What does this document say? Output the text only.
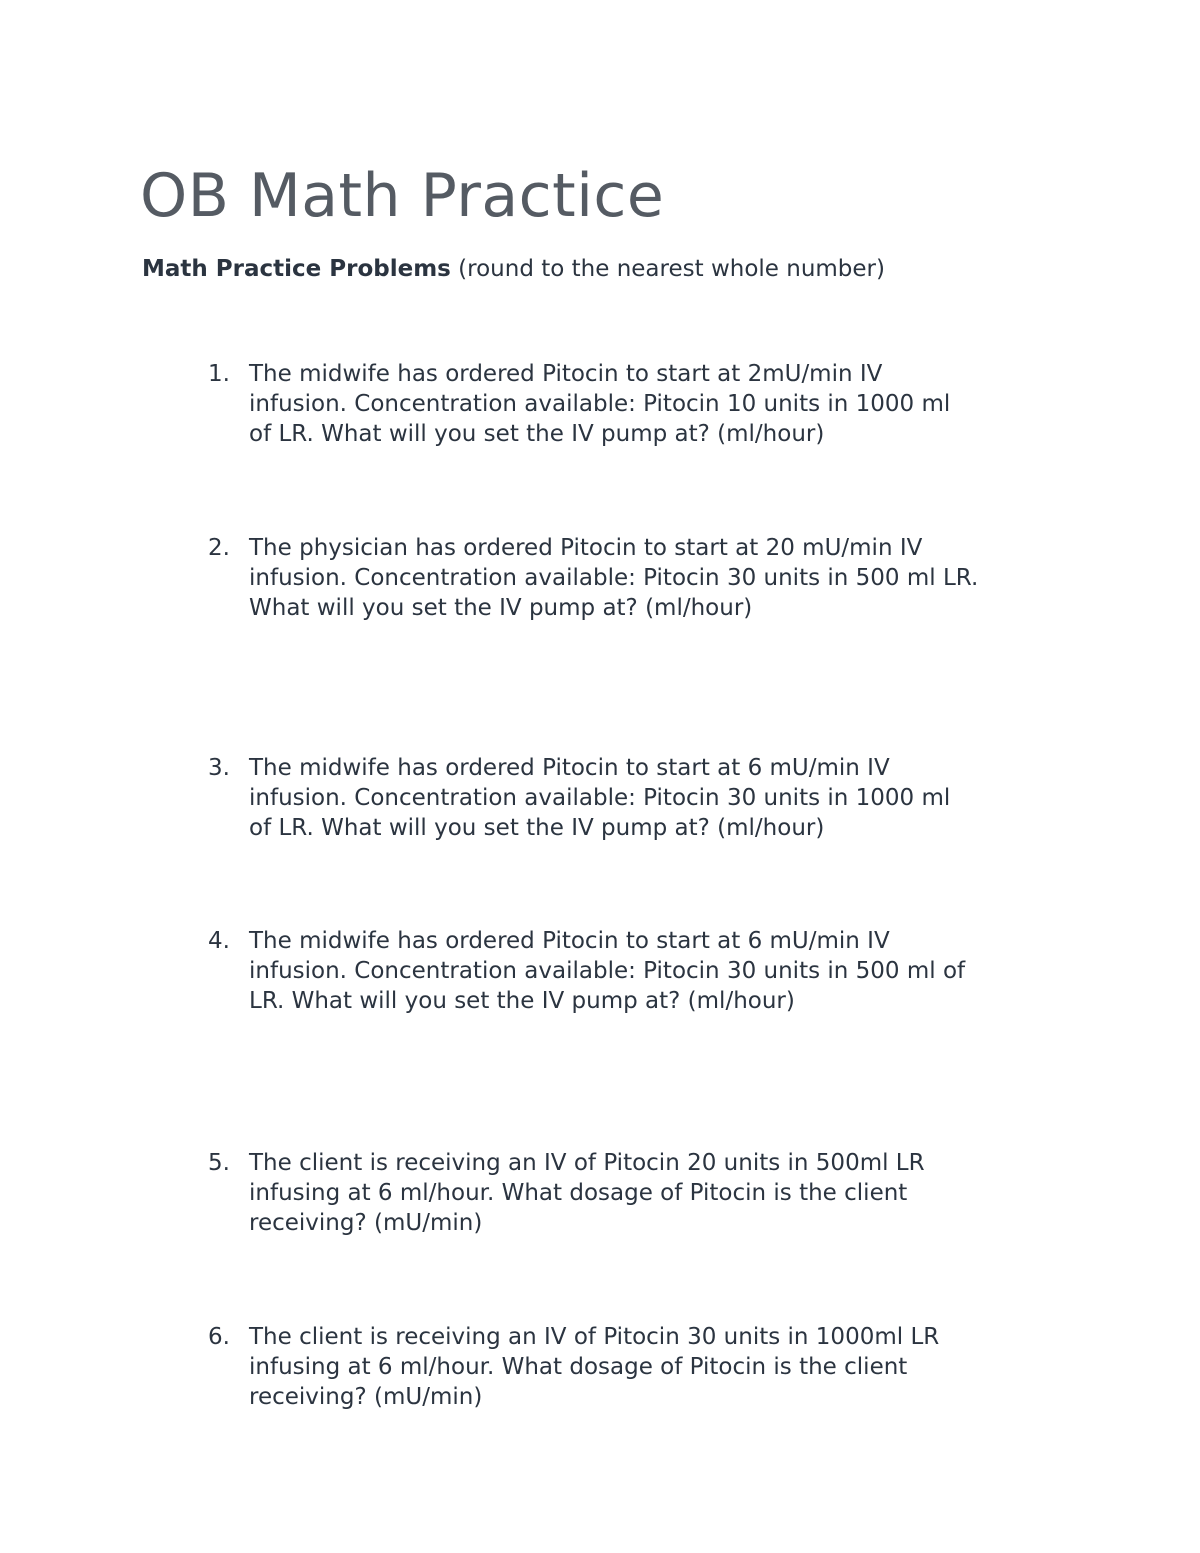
OB Math Practice

Math Practice Problems (round to the nearest whole number)

1. The midwife has ordered Pitocin to start at 2mU/min IV
infusion. Concentration available: Pitocin 10 units in 1000 ml
of LR. What will you set the IV pump at? (ml/hour)
2. The physician has ordered Pitocin to start at 20 mU/min IV
infusion. Concentration available: Pitocin 30 units in 500 ml LR.
What will you set the IV pump at? (ml/hour)
3. The midwife has ordered Pitocin to start at 6 mU/min IV
infusion. Concentration available: Pitocin 30 units in 1000 ml
of LR. What will you set the IV pump at? (ml/hour)
4. The midwife has ordered Pitocin to start at 6 mU/min IV
infusion. Concentration available: Pitocin 30 units in 500 ml of
LR. What will you set the IV pump at? (ml/hour)
5. The client is receiving an IV of Pitocin 20 units in 500ml LR
infusing at 6 ml/hour. What dosage of Pitocin is the client
receiving? (mU/min)
6. The client is receiving an IV of Pitocin 30 units in 1000ml LR
infusing at 6 ml/hour. What dosage of Pitocin is the client
receiving? (mU/min)
